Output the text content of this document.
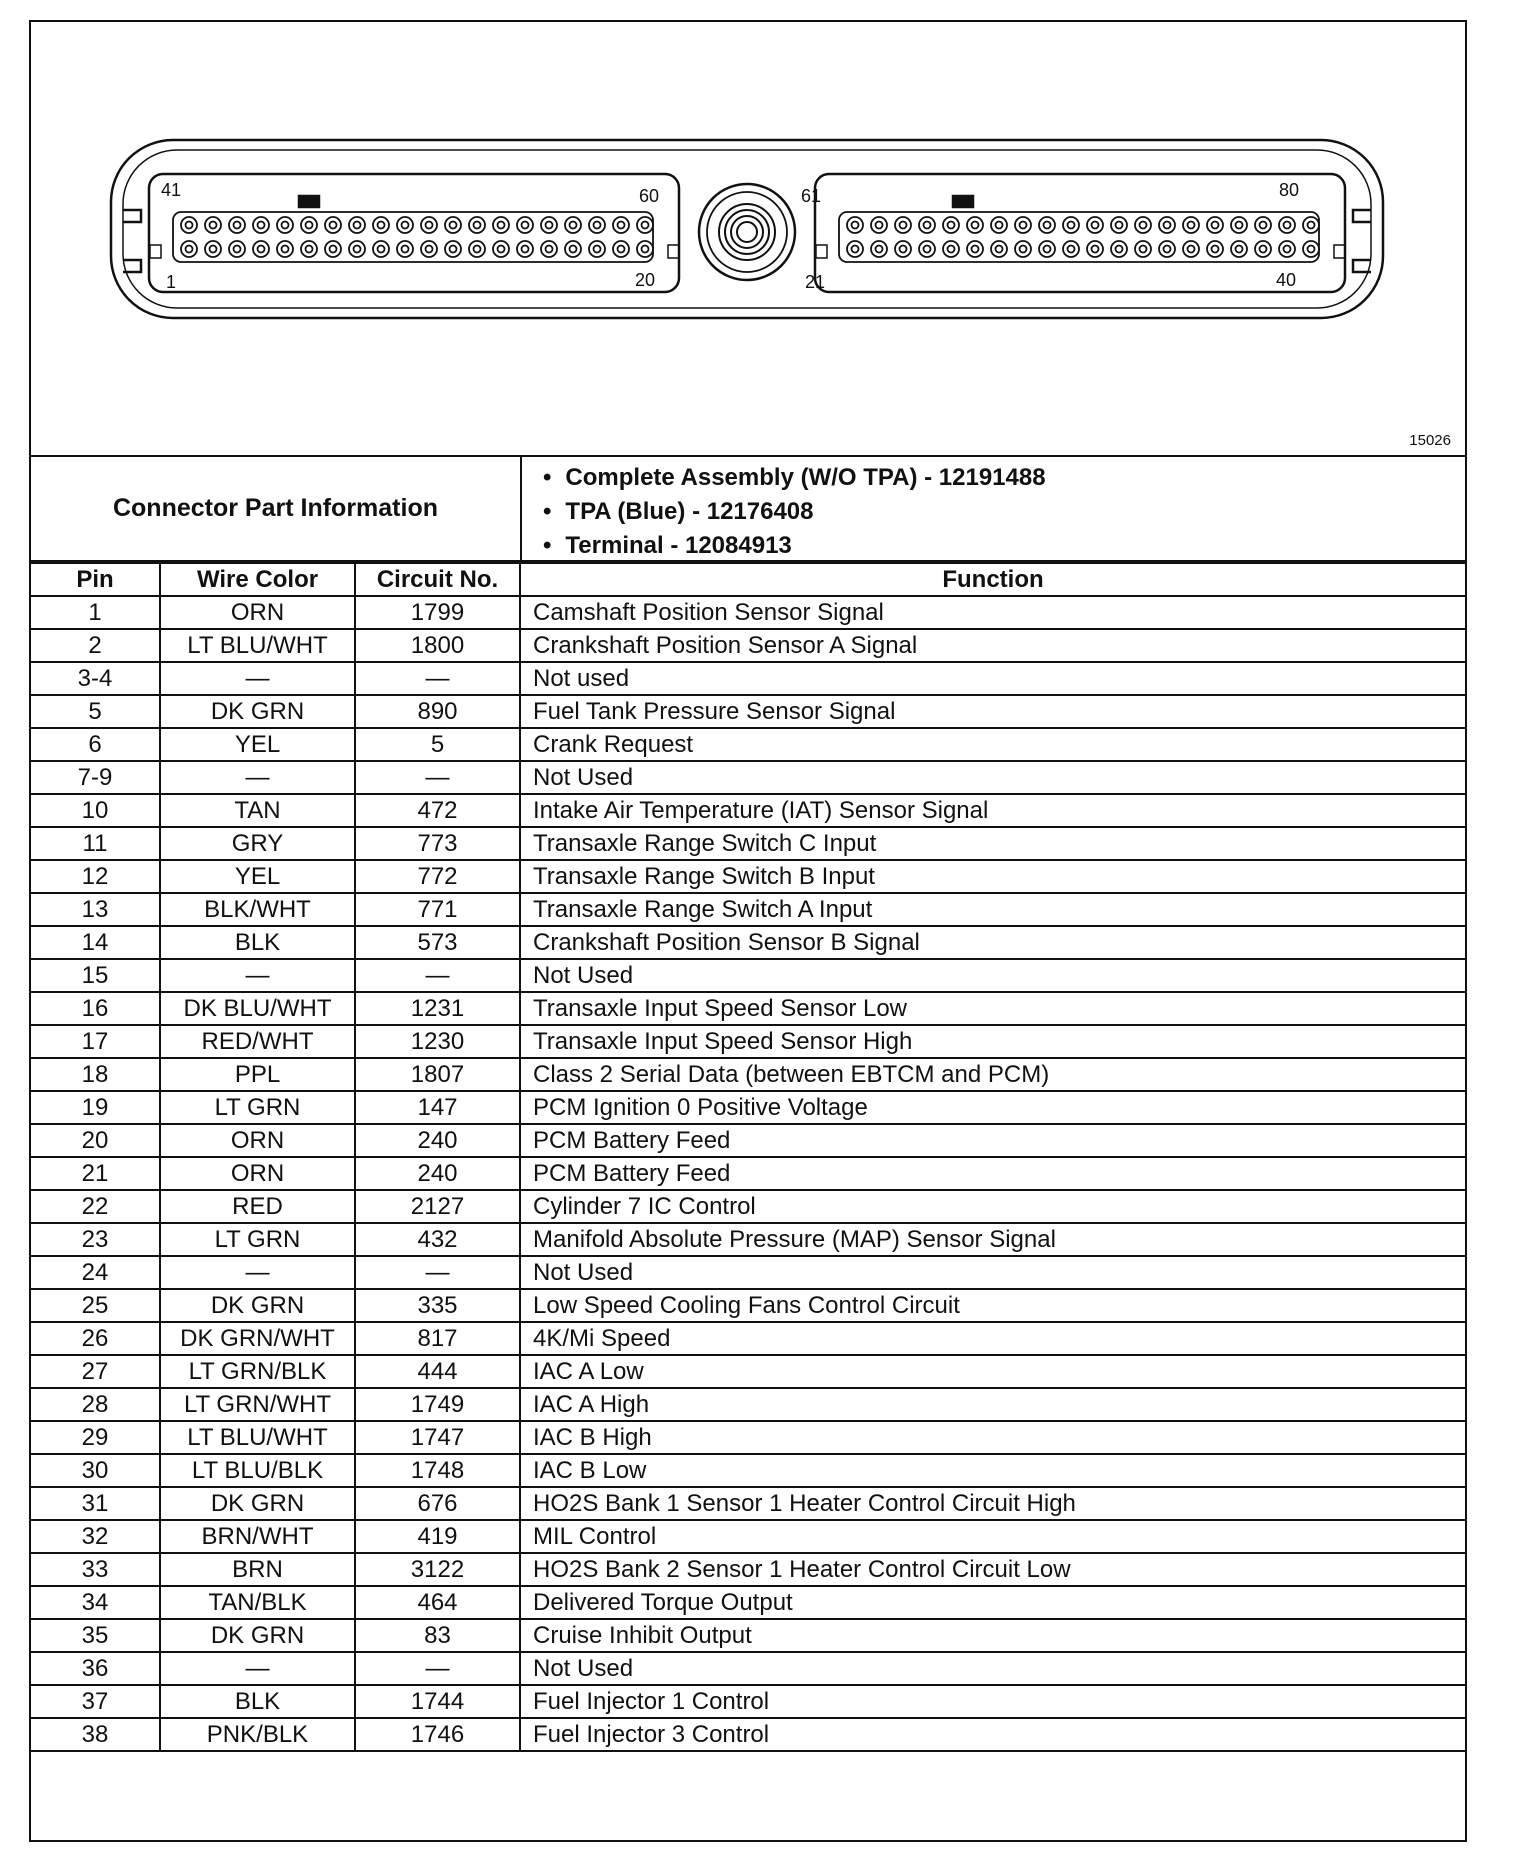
41	60
1	20
61	80
21	40
15026
Connector Part Information
• Complete Assembly (W/O TPA) - 12191488
• TPA (Blue) - 12176408
• Terminal - 12084913
Pin	Wire Color	Circuit No.	Function
1	ORN	1799	Camshaft Position Sensor Signal
2	LT BLU/WHT	1800	Crankshaft Position Sensor A Signal
3-4	—	—	Not used
5	DK GRN	890	Fuel Tank Pressure Sensor Signal
6	YEL	5	Crank Request
7-9	—	—	Not Used
10	TAN	472	Intake Air Temperature (IAT) Sensor Signal
11	GRY	773	Transaxle Range Switch C Input
12	YEL	772	Transaxle Range Switch B Input
13	BLK/WHT	771	Transaxle Range Switch A Input
14	BLK	573	Crankshaft Position Sensor B Signal
15	—	—	Not Used
16	DK BLU/WHT	1231	Transaxle Input Speed Sensor Low
17	RED/WHT	1230	Transaxle Input Speed Sensor High
18	PPL	1807	Class 2 Serial Data (between EBTCM and PCM)
19	LT GRN	147	PCM Ignition 0 Positive Voltage
20	ORN	240	PCM Battery Feed
21	ORN	240	PCM Battery Feed
22	RED	2127	Cylinder 7 IC Control
23	LT GRN	432	Manifold Absolute Pressure (MAP) Sensor Signal
24	—	—	Not Used
25	DK GRN	335	Low Speed Cooling Fans Control Circuit
26	DK GRN/WHT	817	4K/Mi Speed
27	LT GRN/BLK	444	IAC A Low
28	LT GRN/WHT	1749	IAC A High
29	LT BLU/WHT	1747	IAC B High
30	LT BLU/BLK	1748	IAC B Low
31	DK GRN	676	HO2S Bank 1 Sensor 1 Heater Control Circuit High
32	BRN/WHT	419	MIL Control
33	BRN	3122	HO2S Bank 2 Sensor 1 Heater Control Circuit Low
34	TAN/BLK	464	Delivered Torque Output
35	DK GRN	83	Cruise Inhibit Output
36	—	—	Not Used
37	BLK	1744	Fuel Injector 1 Control
38	PNK/BLK	1746	Fuel Injector 3 Control
